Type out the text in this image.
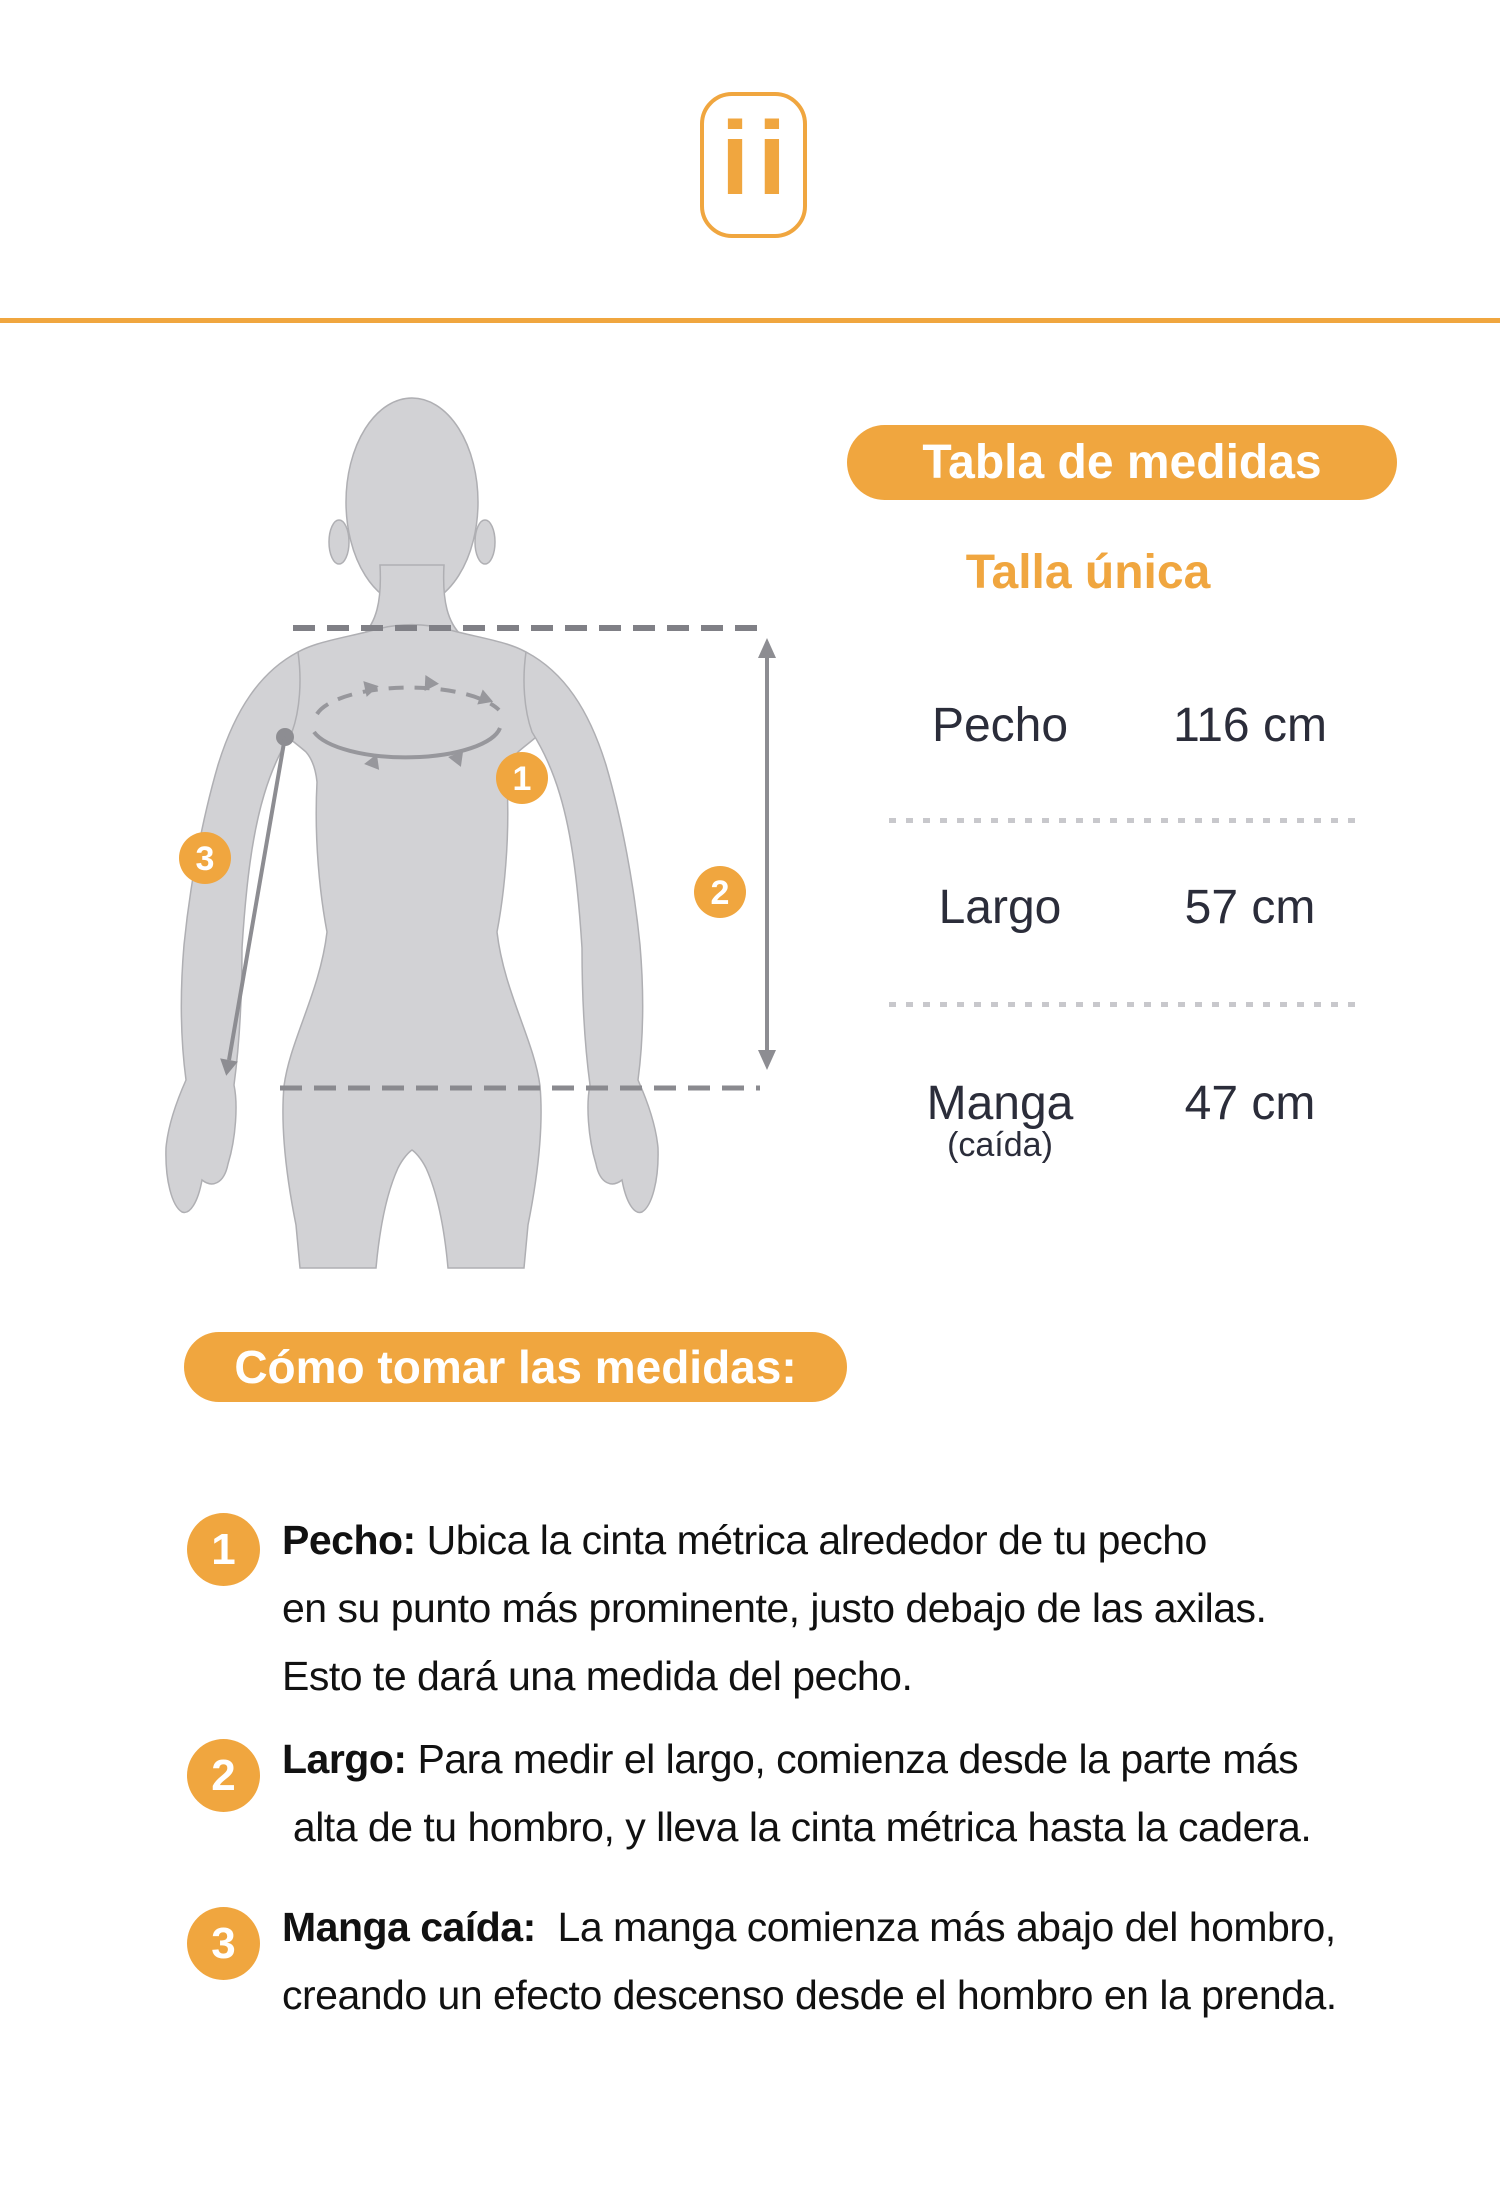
ii
1
2
3
Tabla de medidas
Talla única
Pecho	116 cm
Largo	57 cm
Manga
(caída)
47 cm
Cómo tomar las medidas:
1 Pecho: Ubica la cinta métrica alrededor de tu pecho
en su punto más prominente, justo debajo de las axilas.
Esto te dará una medida del pecho.
2 Largo: Para medir el largo, comienza desde la parte más
alta de tu hombro, y lleva la cinta métrica hasta la cadera.
3 Manga caída:  La manga comienza más abajo del hombro,
creando un efecto descenso desde el hombro en la prenda.
